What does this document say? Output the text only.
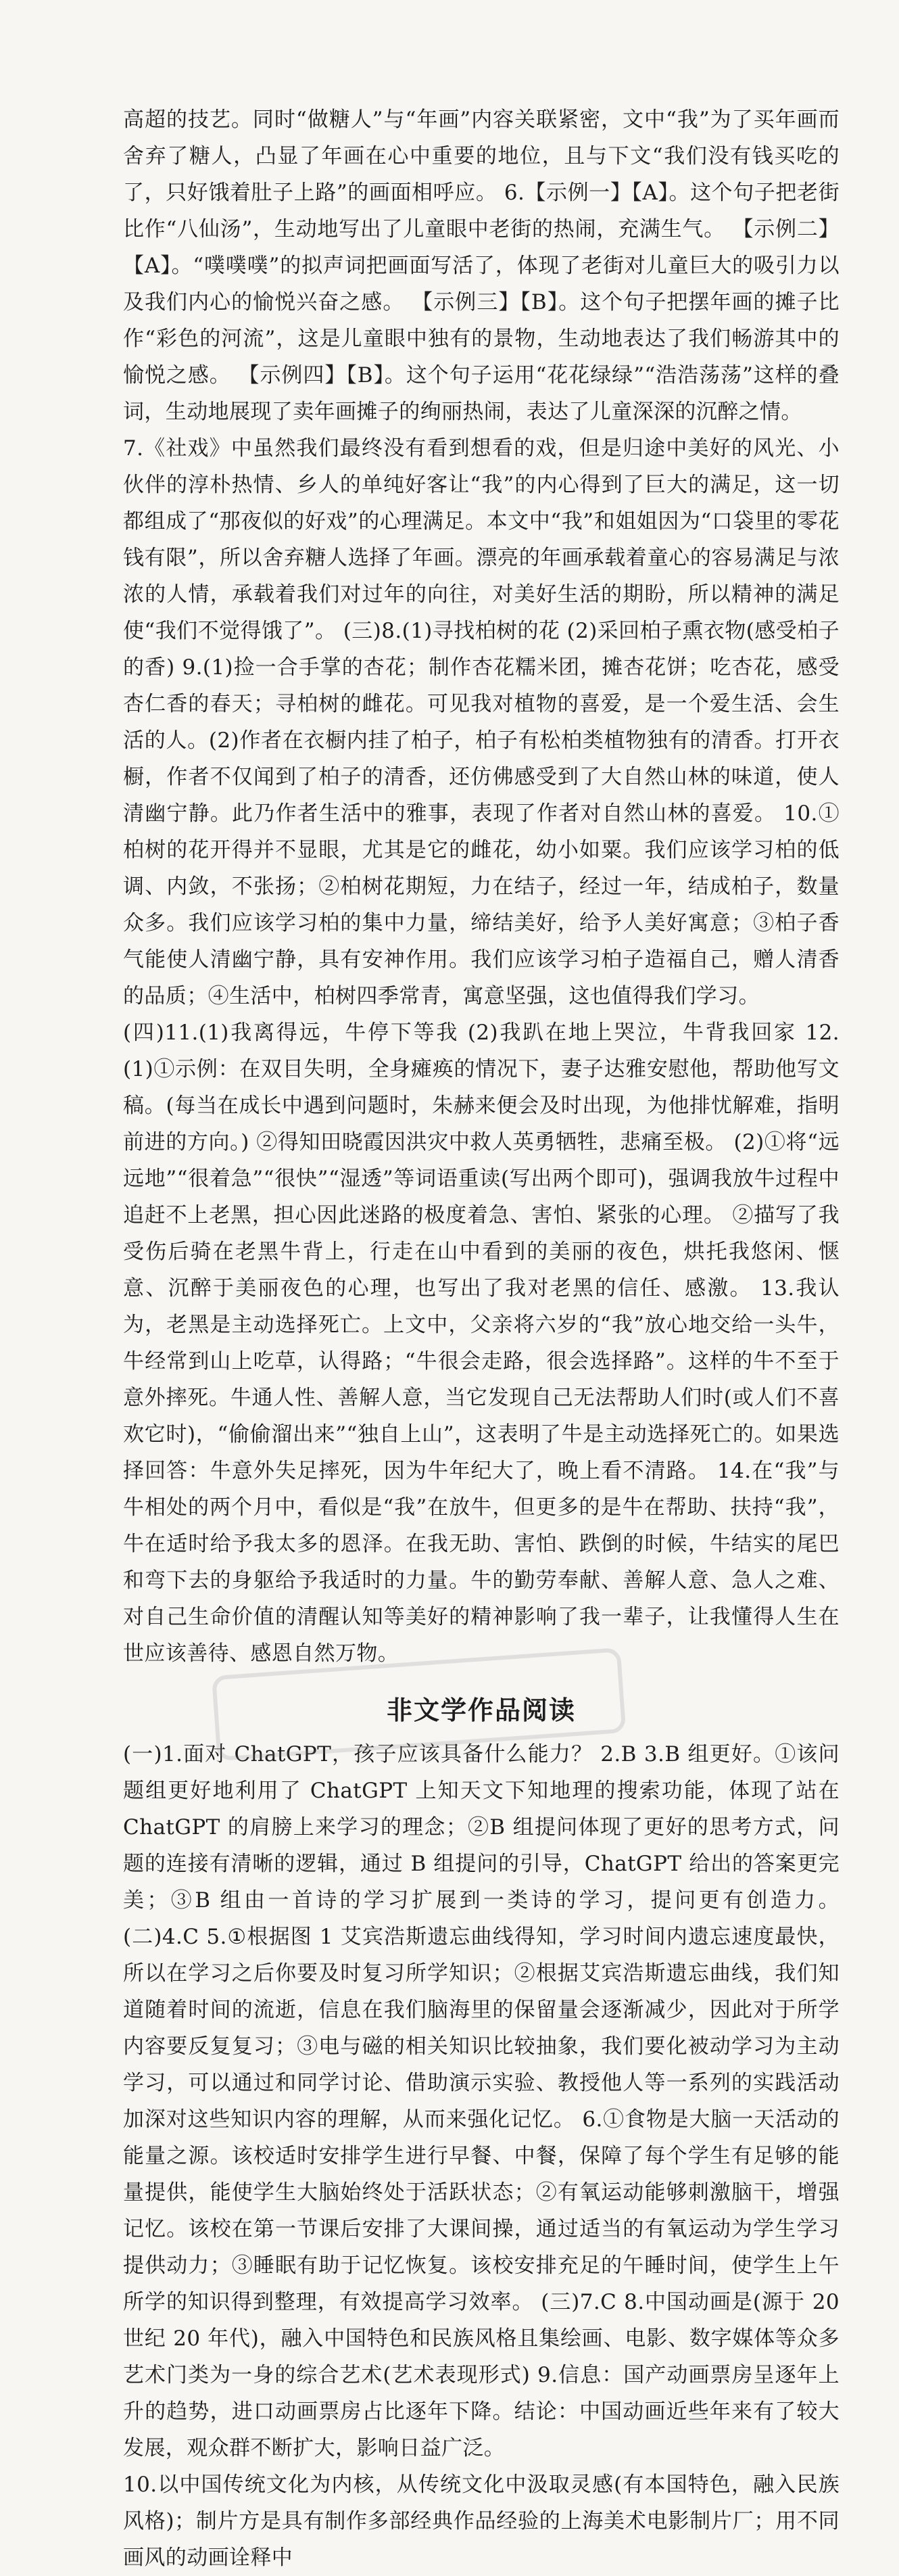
高超的技艺。同时“做糖人”与“年画”内容关联紧密，文中“我”为了买年画而舍弃了糖人，凸显了年画在心中重要的地位，且与下文“我们没有钱买吃的了，只好饿着肚子上路”的画面相呼应。 6.【示例一】【A】。这个句子把老街比作“八仙汤”，生动地写出了儿童眼中老街的热闹，充满生气。 【示例二】【A】。“噗噗噗”的拟声词把画面写活了，体现了老街对儿童巨大的吸引力以及我们内心的愉悦兴奋之感。 【示例三】【B】。这个句子把摆年画的摊子比作“彩色的河流”，这是儿童眼中独有的景物，生动地表达了我们畅游其中的愉悦之感。 【示例四】【B】。这个句子运用“花花绿绿”“浩浩荡荡”这样的叠词，生动地展现了卖年画摊子的绚丽热闹，表达了儿童深深的沉醉之情。

7.《社戏》中虽然我们最终没有看到想看的戏，但是归途中美好的风光、小伙伴的淳朴热情、乡人的单纯好客让“我”的内心得到了巨大的满足，这一切都组成了“那夜似的好戏”的心理满足。本文中“我”和姐姐因为“口袋里的零花钱有限”，所以舍弃糖人选择了年画。漂亮的年画承载着童心的容易满足与浓浓的人情，承载着我们对过年的向往，对美好生活的期盼，所以精神的满足使“我们不觉得饿了”。 (三)8.(1)寻找柏树的花 (2)采回柏子熏衣物(感受柏子的香) 9.(1)捡一合手掌的杏花；制作杏花糯米团，摊杏花饼；吃杏花，感受杏仁香的春天；寻柏树的雌花。可见我对植物的喜爱，是一个爱生活、会生活的人。(2)作者在衣橱内挂了柏子，柏子有松柏类植物独有的清香。打开衣橱，作者不仅闻到了柏子的清香，还仿佛感受到了大自然山林的味道，使人清幽宁静。此乃作者生活中的雅事，表现了作者对自然山林的喜爱。 10.①柏树的花开得并不显眼，尤其是它的雌花，幼小如粟。我们应该学习柏的低调、内敛，不张扬；②柏树花期短，力在结子，经过一年，结成柏子，数量众多。我们应该学习柏的集中力量，缔结美好，给予人美好寓意；③柏子香气能使人清幽宁静，具有安神作用。我们应该学习柏子造福自己，赠人清香的品质；④生活中，柏树四季常青，寓意坚强，这也值得我们学习。

(四)11.(1)我离得远，牛停下等我 (2)我趴在地上哭泣，牛背我回家 12.(1)①示例：在双目失明，全身瘫痪的情况下，妻子达雅安慰他，帮助他写文稿。(每当在成长中遇到问题时，朱赫来便会及时出现，为他排忧解难，指明前进的方向。) ②得知田晓霞因洪灾中救人英勇牺牲，悲痛至极。 (2)①将“远远地”“很着急”“很快”“湿透”等词语重读(写出两个即可)，强调我放牛过程中追赶不上老黑，担心因此迷路的极度着急、害怕、紧张的心理。 ②描写了我受伤后骑在老黑牛背上，行走在山中看到的美丽的夜色，烘托我悠闲、惬意、沉醉于美丽夜色的心理，也写出了我对老黑的信任、感激。 13.我认为，老黑是主动选择死亡。上文中，父亲将六岁的“我”放心地交给一头牛，牛经常到山上吃草，认得路；“牛很会走路，很会选择路”。这样的牛不至于意外摔死。牛通人性、善解人意，当它发现自己无法帮助人们时(或人们不喜欢它时)，“偷偷溜出来”“独自上山”，这表明了牛是主动选择死亡的。如果选择回答：牛意外失足摔死，因为牛年纪大了，晚上看不清路。 14.在“我”与牛相处的两个月中，看似是“我”在放牛，但更多的是牛在帮助、扶持“我”，牛在适时给予我太多的恩泽。在我无助、害怕、跌倒的时候，牛结实的尾巴和弯下去的身躯给予我适时的力量。牛的勤劳奉献、善解人意、急人之难、对自己生命价值的清醒认知等美好的精神影响了我一辈子，让我懂得人生在世应该善待、感恩自然万物。

非文学作品阅读

(一)1.面对 ChatGPT，孩子应该具备什么能力？ 2.B 3.B 组更好。①该问题组更好地利用了 ChatGPT 上知天文下知地理的搜索功能，体现了站在 ChatGPT 的肩膀上来学习的理念；②B 组提问体现了更好的思考方式，问题的连接有清晰的逻辑，通过 B 组提问的引导，ChatGPT 给出的答案更完美；③B 组由一首诗的学习扩展到一类诗的学习，提问更有创造力。 (二)4.C 5.①根据图 1 艾宾浩斯遗忘曲线得知，学习时间内遗忘速度最快，所以在学习之后你要及时复习所学知识；②根据艾宾浩斯遗忘曲线，我们知道随着时间的流逝，信息在我们脑海里的保留量会逐渐减少，因此对于所学内容要反复复习；③电与磁的相关知识比较抽象，我们要化被动学习为主动学习，可以通过和同学讨论、借助演示实验、教授他人等一系列的实践活动加深对这些知识内容的理解，从而来强化记忆。 6.①食物是大脑一天活动的能量之源。该校适时安排学生进行早餐、中餐，保障了每个学生有足够的能量提供，能使学生大脑始终处于活跃状态；②有氧运动能够刺激脑干，增强记忆。该校在第一节课后安排了大课间操，通过适当的有氧运动为学生学习提供动力；③睡眠有助于记忆恢复。该校安排充足的午睡时间，使学生上午所学的知识得到整理，有效提高学习效率。 (三)7.C 8.中国动画是(源于 20 世纪 20 年代)，融入中国特色和民族风格且集绘画、电影、数字媒体等众多艺术门类为一身的综合艺术(艺术表现形式) 9.信息：国产动画票房呈逐年上升的趋势，进口动画票房占比逐年下降。结论：中国动画近些年来有了较大发展，观众群不断扩大，影响日益广泛。

10.以中国传统文化为内核，从传统文化中汲取灵感(有本国特色，融入民族风格)；制片方是具有制作多部经典作品经验的上海美术电影制片厂；用不同画风的动画诠释中
